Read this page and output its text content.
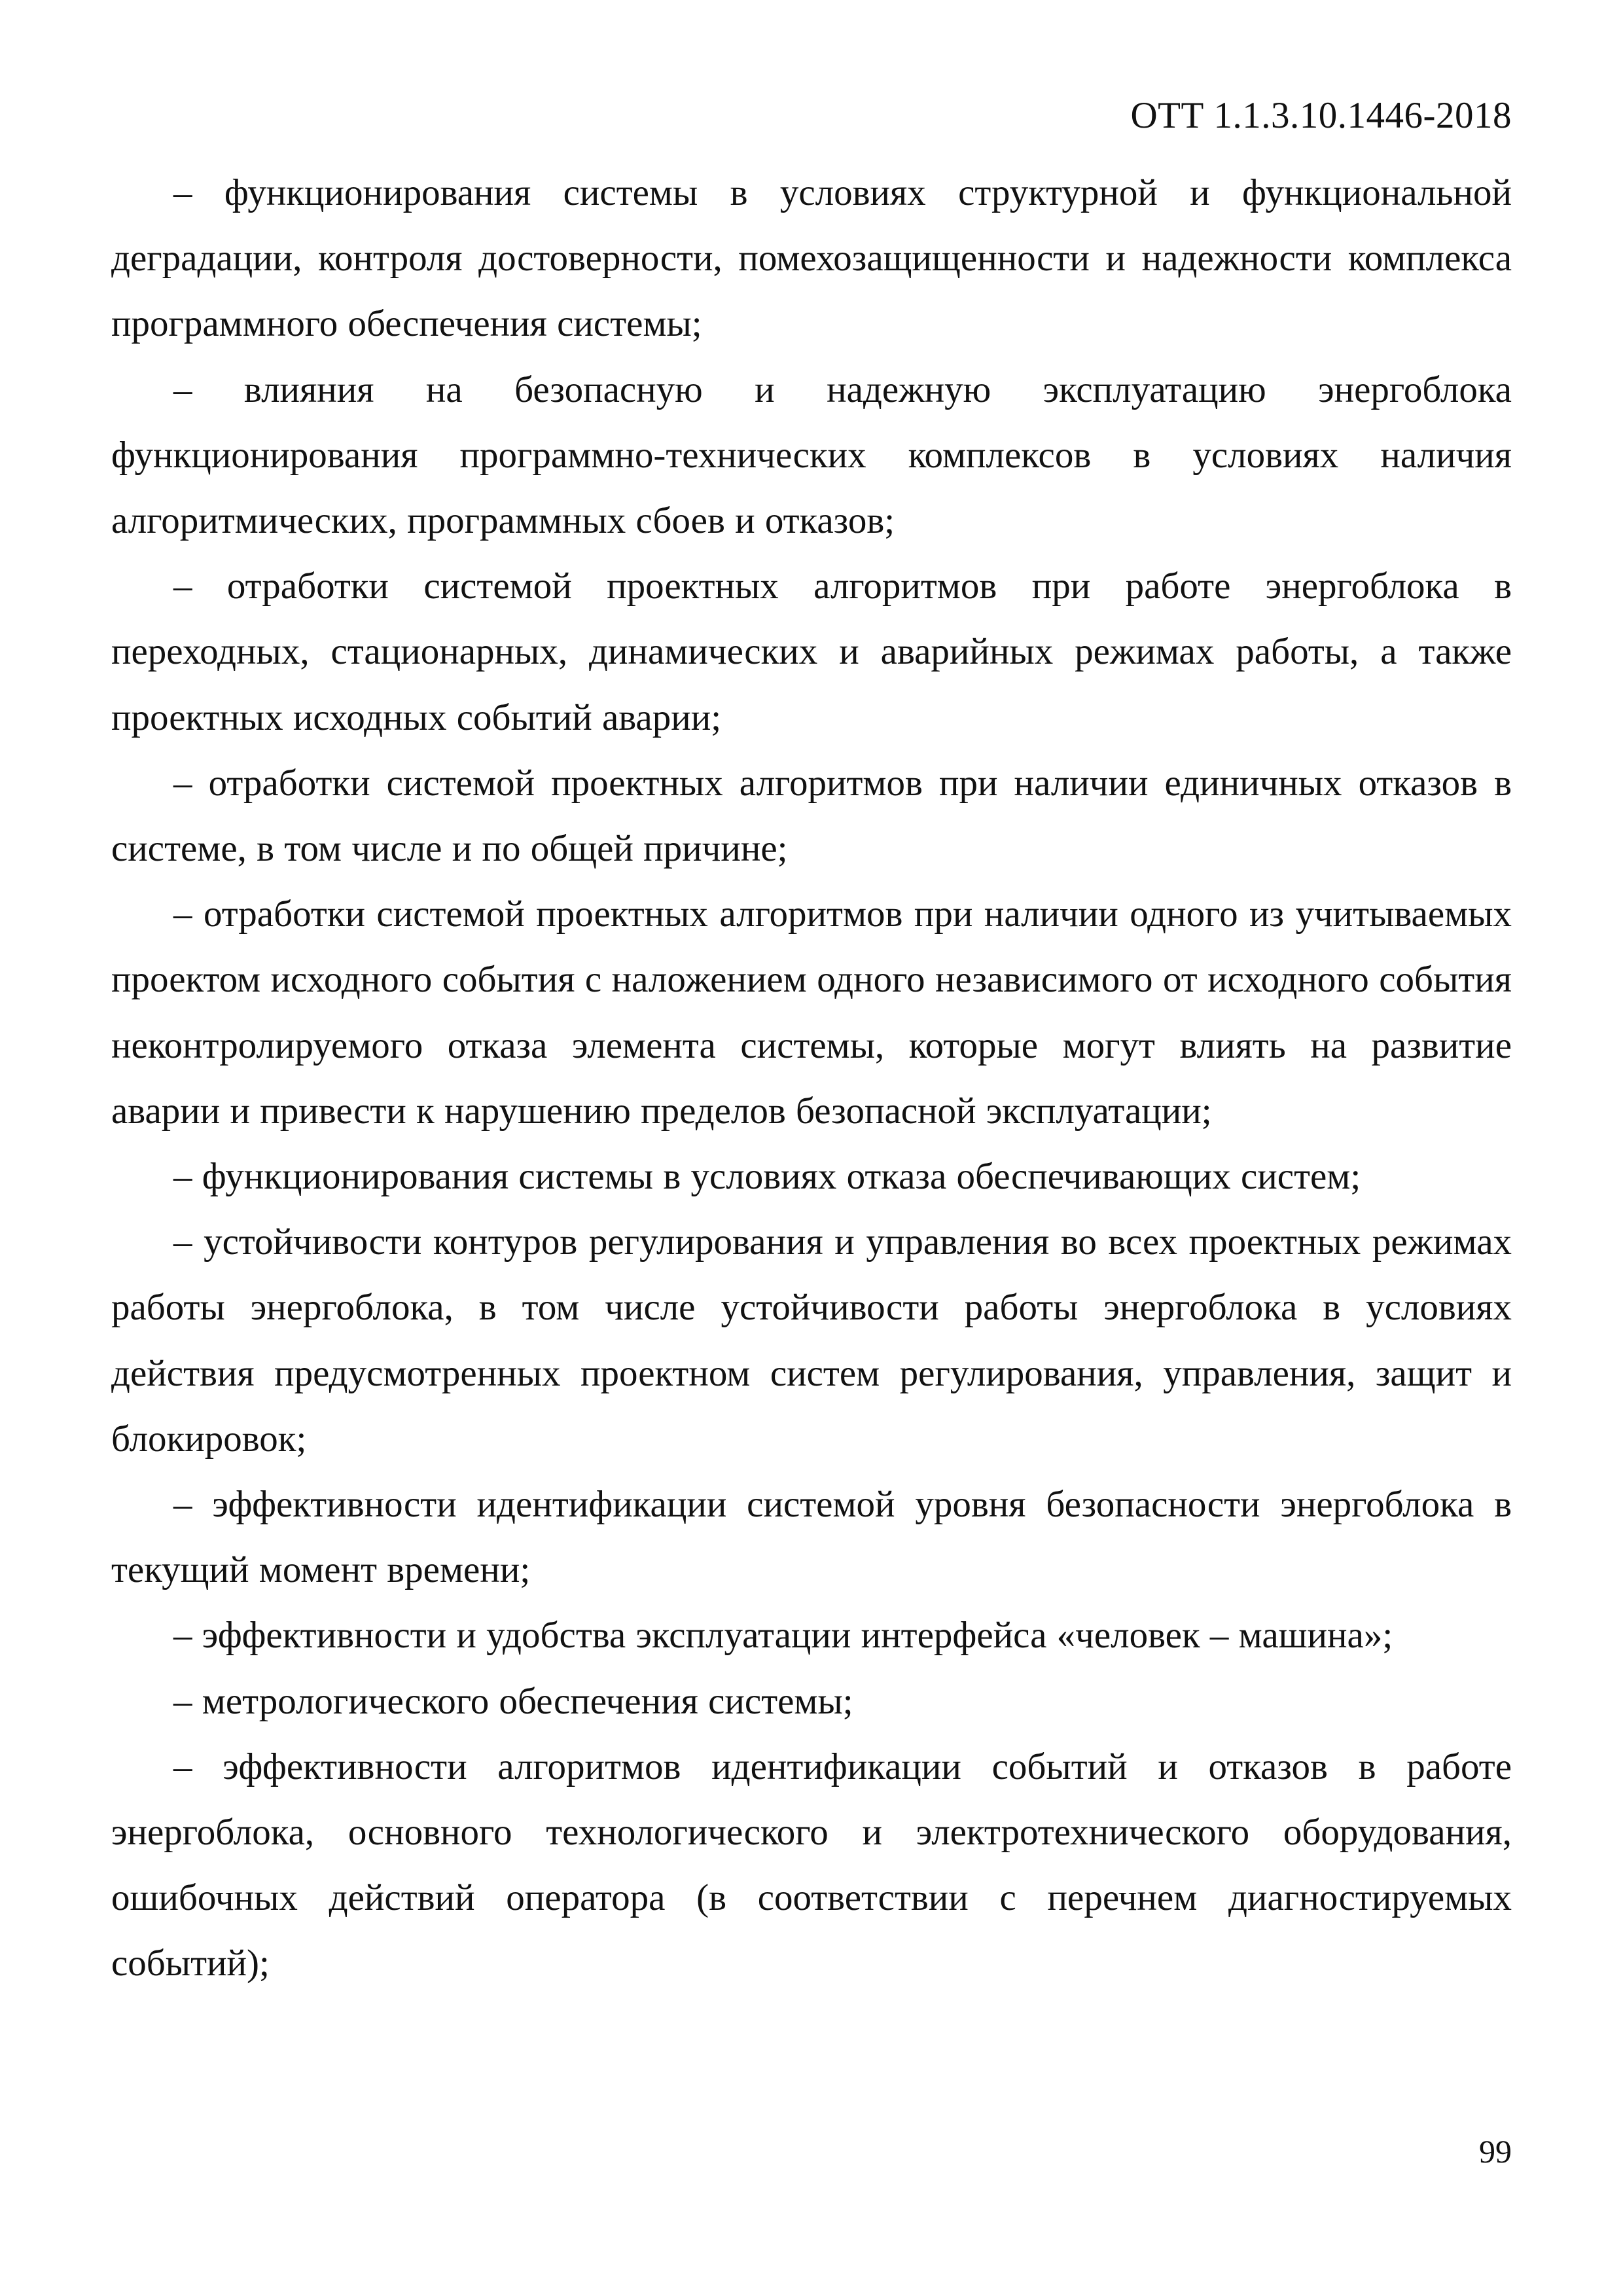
ОТТ 1.1.3.10.1446-2018

– функционирования системы в условиях структурной и функциональной деградации, контроля достоверности, помехозащищенности и надежности комплекса программного обеспечения системы;

– влияния на безопасную и надежную эксплуатацию энергоблока функционирования программно-технических комплексов в условиях наличия алгоритмических, программных сбоев и отказов;

– отработки системой проектных алгоритмов при работе энергоблока в переходных, стационарных, динамических и аварийных режимах работы, а также проектных исходных событий аварии;

– отработки системой проектных алгоритмов при наличии единичных отказов в системе, в том числе и по общей причине;

– отработки системой проектных алгоритмов при наличии одного из учитываемых проектом исходного события с наложением одного независимого от исходного события неконтролируемого отказа элемента системы, которые могут влиять на развитие аварии и привести к нарушению пределов безопасной эксплуатации;

– функционирования системы в условиях отказа обеспечивающих систем;

– устойчивости контуров регулирования и управления во всех проектных режимах работы энергоблока, в том числе устойчивости работы энергоблока в условиях действия предусмотренных проектном систем регулирования, управления, защит и блокировок;

– эффективности идентификации системой уровня безопасности энергоблока в текущий момент времени;

– эффективности и удобства эксплуатации интерфейса «человек – машина»;

– метрологического обеспечения системы;

– эффективности алгоритмов идентификации событий и отказов в работе энергоблока, основного технологического и электротехнического оборудования, ошибочных действий оператора (в соответствии с перечнем диагностируемых событий);

99
